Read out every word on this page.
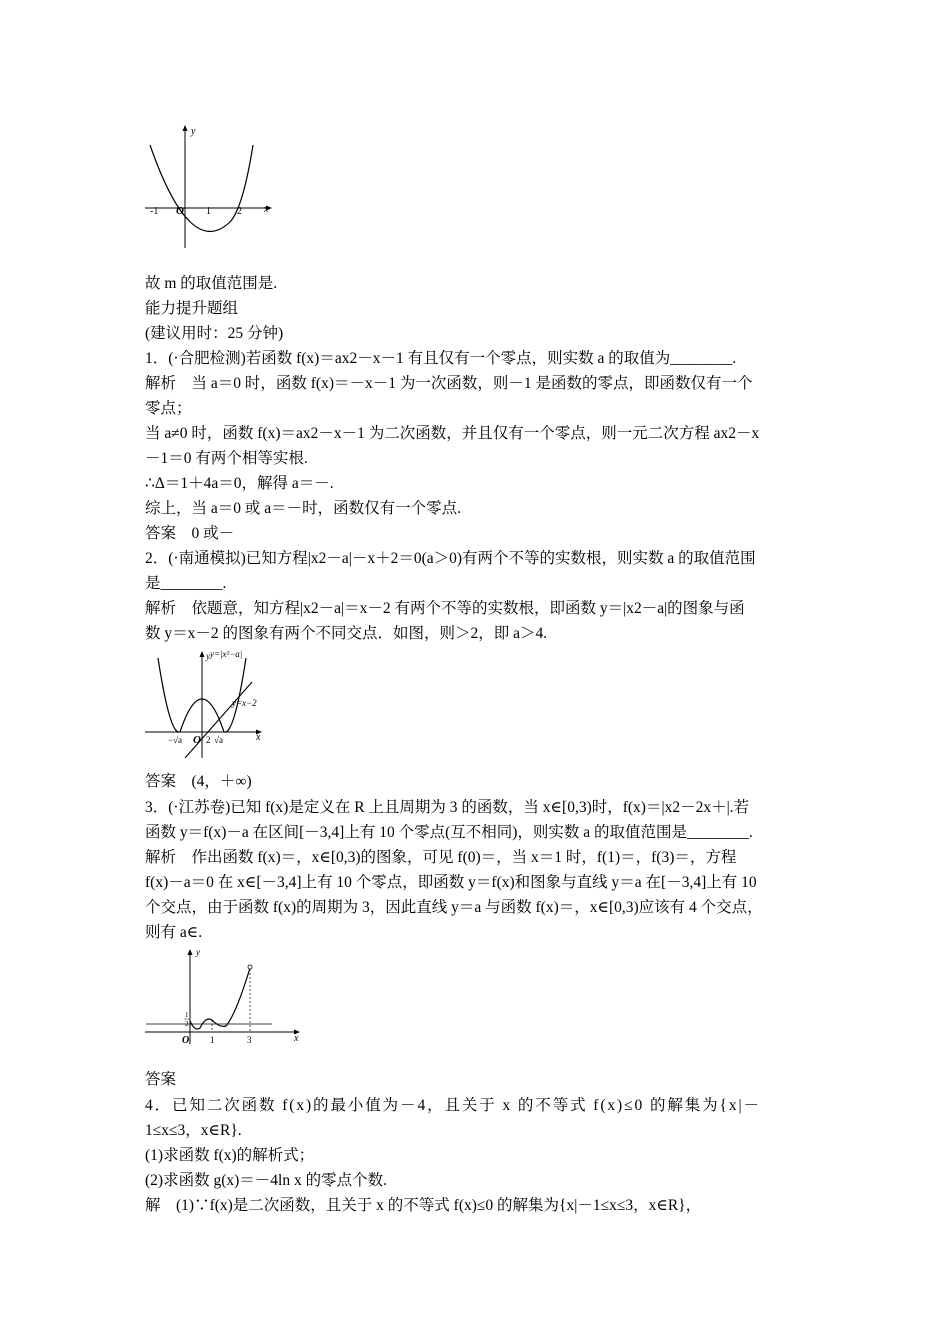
y
x
O
-1	1	2
故 m 的取值范围是.
能力提升题组
(建议用时：25 分钟)
1．(·合肥检测)若函数 f(x)＝ax2－x－1 有且仅有一个零点，则实数 a 的取值为________.
解析　当 a＝0 时，函数 f(x)＝－x－1 为一次函数，则－1 是函数的零点，即函数仅有一个
零点；
当 a≠0 时，函数 f(x)＝ax2－x－1 为二次函数，并且仅有一个零点，则一元二次方程 ax2－x
－1＝0 有两个相等实根.
∴Δ＝1＋4a＝0，解得 a＝－.
综上，当 a＝0 或 a＝－时，函数仅有一个零点.
答案　0 或－
2．(·南通模拟)已知方程|x2－a|－x＋2＝0(a＞0)有两个不等的实数根，则实数 a 的取值范围
是________.
解析　依题意，知方程|x2－a|＝x－2 有两个不等的实数根，即函数 y＝|x2－a|的图象与函
数 y＝x－2 的图象有两个不同交点．如图，则＞2，即 a＞4.
y=|x²−a|
y=x−2
y
x
O
−√a	2 √a
答案　(4，＋∞)
3．(·江苏卷)已知 f(x)是定义在 R 上且周期为 3 的函数，当 x∈[0,3)时，f(x)＝|x2－2x＋|.若
函数 y＝f(x)－a 在区间[－3,4]上有 10 个零点(互不相同)，则实数 a 的取值范围是________.
解析　作出函数 f(x)＝，x∈[0,3)的图象，可见 f(0)＝，当 x＝1 时，f(1)＝，f(3)＝，方程
f(x)－a＝0 在 x∈[－3,4]上有 10 个零点，即函数 y＝f(x)和图象与直线 y＝a 在[－3,4]上有 10
个交点，由于函数 f(x)的周期为 3，因此直线 y＝a 与函数 f(x)＝，x∈[0,3)应该有 4 个交点，
则有 a∈.
y
x
O 1	3
1
2
答案
4．已知二次函数 f(x)的最小值为－4，且关于 x 的不等式 f(x)≤0 的解集为{x|－
1≤x≤3，x∈R}.
(1)求函数 f(x)的解析式；
(2)求函数 g(x)＝－4ln x 的零点个数.
解　(1)∵f(x)是二次函数，且关于 x 的不等式 f(x)≤0 的解集为{x|－1≤x≤3，x∈R}，
